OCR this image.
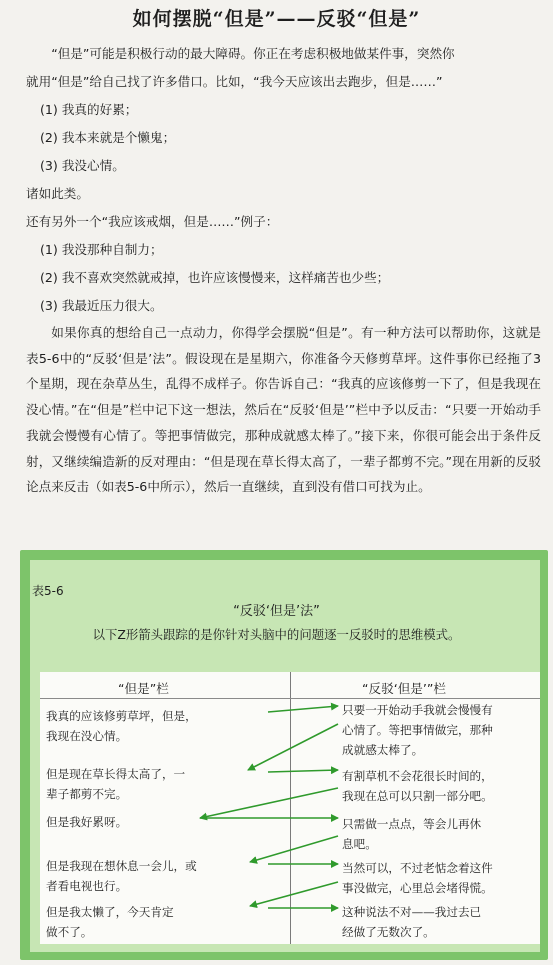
如何摆脱“但是”——反驳“但是”

“但是”可能是积极行动的最大障碍。你正在考虑积极地做某件事，突然你

就用“但是”给自己找了许多借口。比如，“我今天应该出去跑步，但是……”

(1) 我真的好累；

(2) 我本来就是个懒鬼；

(3) 我没心情。

诸如此类。

还有另外一个“我应该戒烟，但是……”例子：

(1) 我没那种自制力；

(2) 我不喜欢突然就戒掉，也许应该慢慢来，这样痛苦也少些；

(3) 我最近压力很大。

如果你真的想给自己一点动力，你得学会摆脱“但是”。有一种方法可以帮助你，这就是表5-6中的“反驳‘但是’法”。假设现在是星期六，你准备今天修剪草坪。这件事你已经拖了3个星期，现在杂草丛生，乱得不成样子。你告诉自己：“我真的应该修剪一下了，但是我现在没心情。”在“但是”栏中记下这一想法，然后在“反驳‘但是’”栏中予以反击：“只要一开始动手我就会慢慢有心情了。等把事情做完，那种成就感太棒了。”接下来，你很可能会出于条件反射，又继续编造新的反对理由：“但是现在草长得太高了，一辈子都剪不完。”现在用新的反驳论点来反击（如表5-6中所示），然后一直继续，直到没有借口可找为止。

表5-6
“反驳‘但是’法”
以下Z形箭头跟踪的是你针对头脑中的问题逐一反驳时的思维模式。
“但是”栏	“反驳‘但是’”栏
我真的应该修剪草坪，但是，
我现在没心情。
但是现在草长得太高了，一
辈子都剪不完。
但是我好累呀。
但是我现在想休息一会儿，或
者看电视也行。
但是我太懒了，今天肯定
做不了。
只要一开始动手我就会慢慢有
心情了。等把事情做完，那种
成就感太棒了。
有割草机不会花很长时间的，
我现在总可以只割一部分吧。
只需做一点点，等会儿再休
息吧。
当然可以，不过老惦念着这件
事没做完，心里总会堵得慌。
这种说法不对——我过去已
经做了无数次了。
